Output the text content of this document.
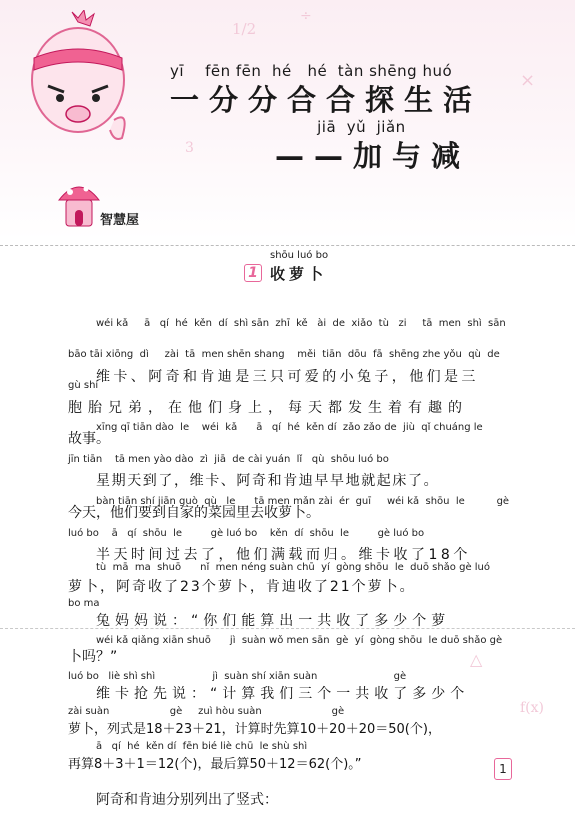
1/2
÷
×
3
f(x)
△
yī    fēn fēn  hé   hé  tàn shēng huó
一分分合合探生活
jiā  yǔ  jiǎn
——加与减
智慧屋
shōu luó bo
1 收萝卜

wéi kǎ     ā   qí  hé  kěn  dí  shì sān  zhī  kě   ài  de  xiǎo  tù   zi     tā  men  shì  sān

维卡、阿奇和肯迪是三只可爱的小兔子，他们是三

bāo tāi xiōng  dì     zài  tā  men shēn shang    měi  tiān  dōu  fā  shēng zhe yǒu  qù  de

胞胎兄弟，在他们身上，每天都发生着有趣的

gù shi

故事。

xīng qī tiān dào  le    wéi  kǎ      ā   qí  hé  kěn dí  zǎo zǎo de  jiù  qǐ chuáng le

星期天到了，维卡、阿奇和肯迪早早地就起床了。

jīn tiān    tā men yào dào  zì  jiā  de cài yuán  lǐ   qù  shōu luó bo

今天，他们要到自家的菜园里去收萝卜。

bàn tiān shí jiān guò  qù   le      tā men mǎn zài  ér  guī     wéi kǎ  shōu  le          gè

半天时间过去了，他们满载而归。维卡收了18个

luó bo    ā   qí  shōu  le         gè luó bo    kěn  dí  shōu  le         gè luó bo

萝卜，阿奇收了23个萝卜，肯迪收了21个萝卜。

tù  mā  ma  shuō      nǐ  men néng suàn chū  yí  gòng shōu  le  duō shǎo gè luó

兔妈妈说：“你们能算出一共收了多少个萝

bo ma

卜吗？”

wéi kǎ qiǎng xiān shuō      jì  suàn wǒ men sān  gè  yí  gòng shōu  le duō shǎo gè

维卡抢先说：“计算我们三个一共收了多少个

luó bo   liè shì shì                  jì  suàn shí xiān suàn                        gè

萝卜，列式是18＋23＋21，计算时先算10＋20＋20＝50(个)，

zài suàn                   gè     zuì hòu suàn                      gè

再算8＋3＋1＝12(个)，最后算50＋12＝62(个)。”

ā   qí  hé  kěn dí  fēn bié liè chū  le shù shì

阿奇和肯迪分别列出了竖式：

1
